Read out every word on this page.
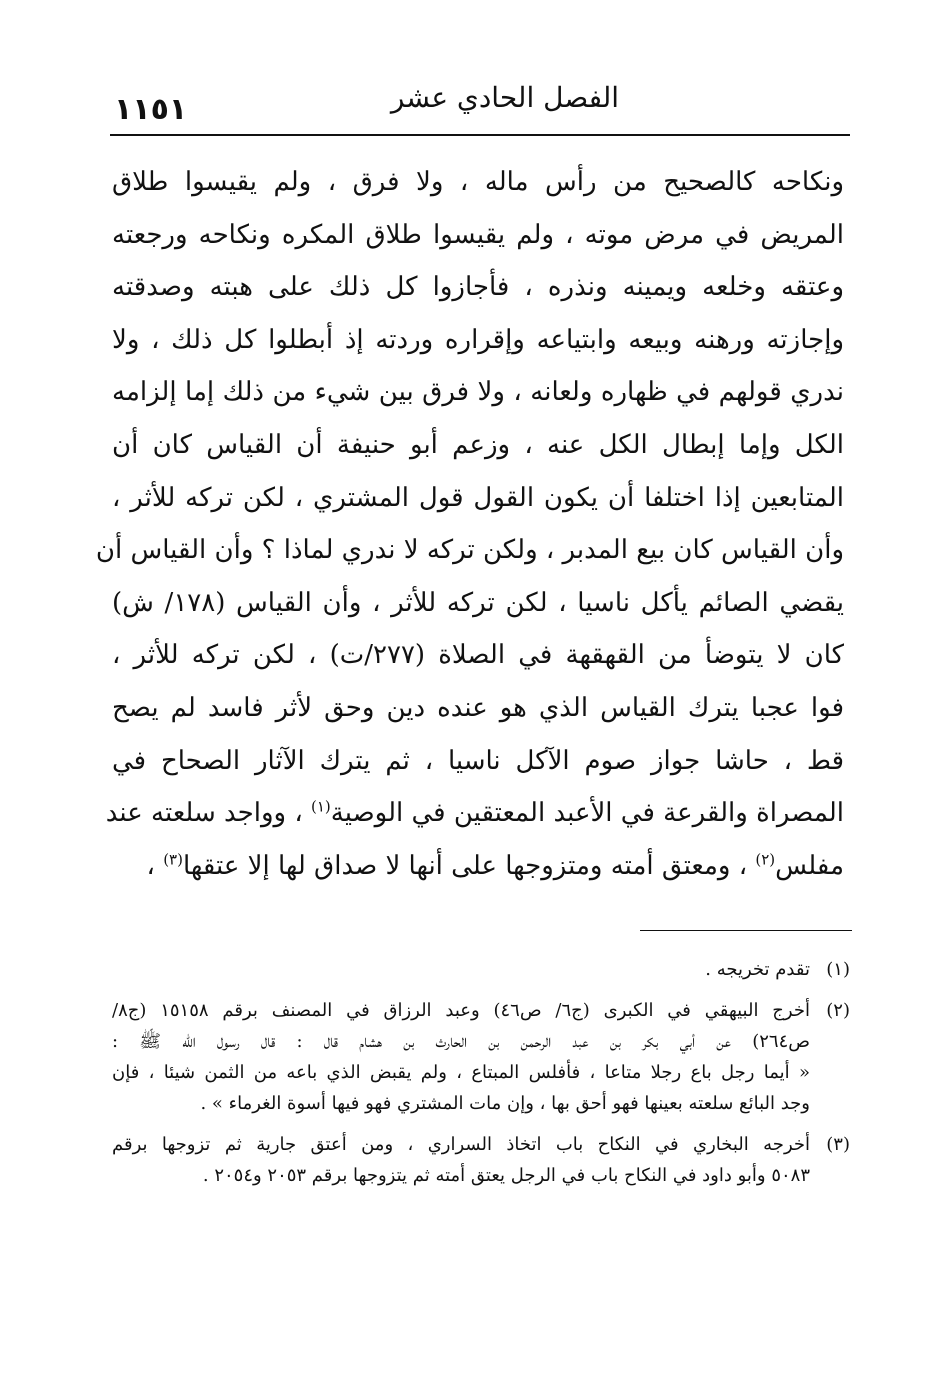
الفصل الحادي عشر
١١٥١
ونكاحه كالصحيح من رأس ماله ، ولا فرق ، ولم يقيسوا طلاق
المريض في مرض موته ، ولم يقيسوا طلاق المكره ونكاحه ورجعته
وعتقه وخلعه ويمينه ونذره ، فأجازوا كل ذلك على هبته وصدقته
وإجازته ورهنه وبيعه وابتياعه وإقراره وردته إذ أبطلوا كل ذلك ، ولا
ندري قولهم في ظهاره ولعانه ، ولا فرق بين شيء من ذلك إما إلزامه
الكل وإما إبطال الكل عنه ، وزعم أبو حنيفة أن القياس كان أن
المتابعين إذا اختلفا أن يكون القول قول المشتري ، لكن تركه للأثر ،
وأن القياس كان بيع المدبر ، ولكن تركه لا ندري لماذا ؟ وأن القياس أن
يقضي الصائم يأكل ناسيا ، لكن تركه للأثر ، وأن القياس (١٧٨/ ش)
كان لا يتوضأ من القهقهة في الصلاة (٢٧٧/ت) ، لكن تركه للأثر ،
فوا عجبا يترك القياس الذي هو عنده دين وحق لأثر فاسد لم يصح
قط ، حاشا جواز صوم الآكل ناسيا ، ثم يترك الآثار الصحاح في
المصراة والقرعة في الأعبد المعتقين في الوصية$^{(١)}$ ، وواجد سلعته عند
مفلس$^{(٢)}$ ، ومعتق أمته ومتزوجها على أنها لا صداق لها إلا عتقها$^{(٣)}$ ،
(١)
تقدم تخريجه .
(٢)
أخرج البيهقي في الكبرى (ج٦/ ص٤٦) وعبد الرزاق في المصنف برقم ١٥١٥٨ (ج٨/
ص٢٦٤) عن أبي بكر بن عبد الرحمن بن الحارث بن هشام قال : قال رسول الله ﷺ :
« أيما رجل باع رجلا متاعا ، فأفلس المبتاع ، ولم يقبض الذي باعه من الثمن شيئا ، فإن
وجد البائع سلعته بعينها فهو أحق بها ، وإن مات المشتري فهو فيها أسوة الغرماء » .
(٣)
أخرجه البخاري في النكاح باب اتخاذ السراري ، ومن أعتق جارية ثم تزوجها برقم
٥٠٨٣ وأبو داود في النكاح باب في الرجل يعتق أمته ثم يتزوجها برقم ٢٠٥٣ و٢٠٥٤ .
